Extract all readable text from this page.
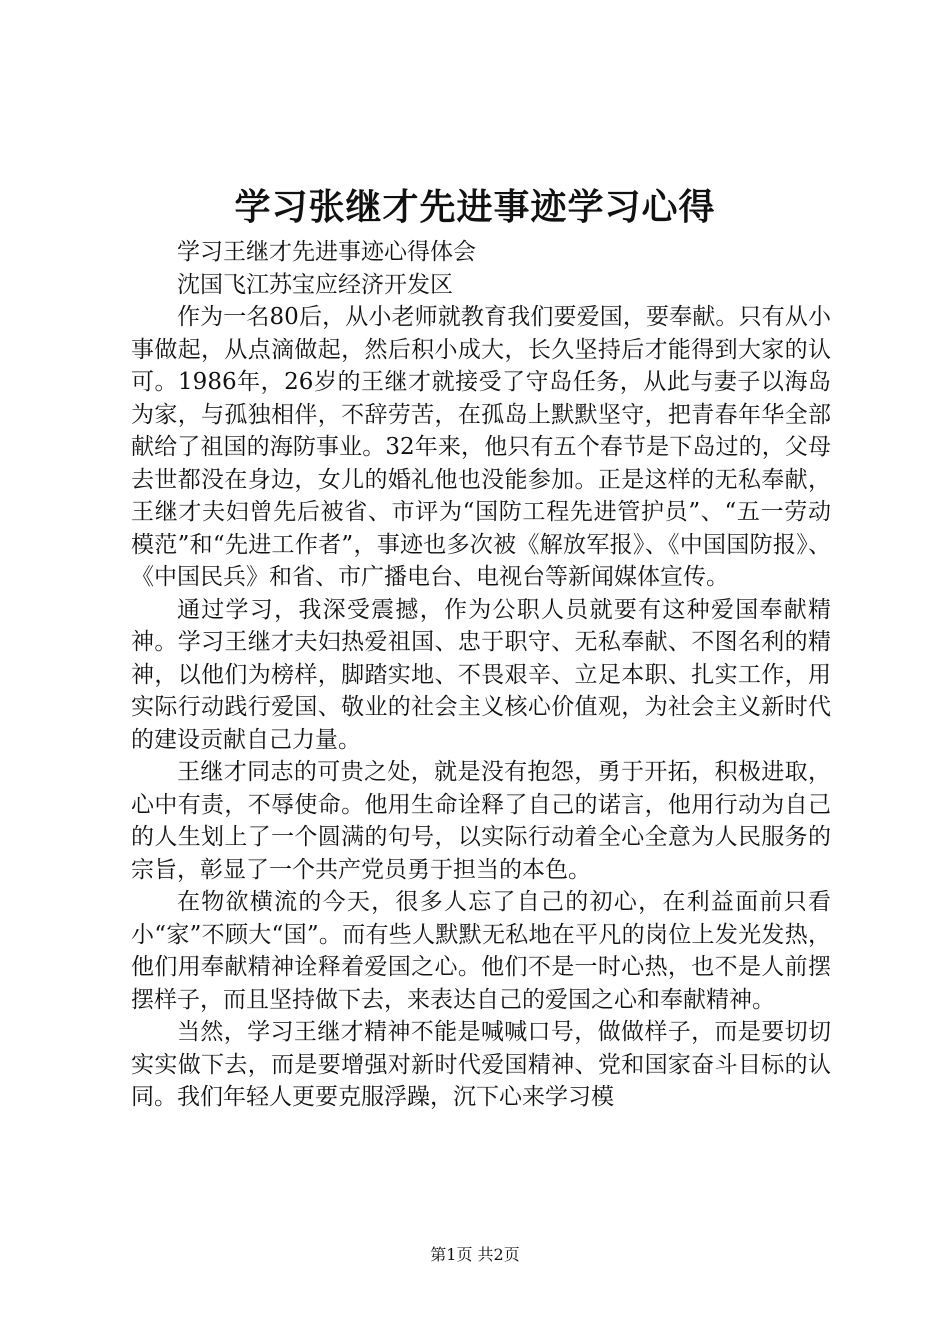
学习张继才先进事迹学习心得

学习王继才先进事迹心得体会

沈国飞江苏宝应经济开发区

作为一名80后，从小老师就教育我们要爱国，要奉献。只有从小事做起，从点滴做起，然后积小成大，长久坚持后才能得到大家的认可。1986年，26岁的王继才就接受了守岛任务，从此与妻子以海岛为家，与孤独相伴，不辞劳苦，在孤岛上默默坚守，把青春年华全部献给了祖国的海防事业。32年来，他只有五个春节是下岛过的，父母去世都没在身边，女儿的婚礼他也没能参加。正是这样的无私奉献，王继才夫妇曾先后被省、市评为“国防工程先进管护员”、“五一劳动模范”和“先进工作者”，事迹也多次被《解放军报》、《中国国防报》、《中国民兵》和省、市广播电台、电视台等新闻媒体宣传。

通过学习，我深受震撼，作为公职人员就要有这种爱国奉献精神。学习王继才夫妇热爱祖国、忠于职守、无私奉献、不图名利的精神，以他们为榜样，脚踏实地、不畏艰辛、立足本职、扎实工作，用实际行动践行爱国、敬业的社会主义核心价值观，为社会主义新时代的建设贡献自己力量。

王继才同志的可贵之处，就是没有抱怨，勇于开拓，积极进取，心中有责，不辱使命。他用生命诠释了自己的诺言，他用行动为自己的人生划上了一个圆满的句号，以实际行动着全心全意为人民服务的宗旨，彰显了一个共产党员勇于担当的本色。

在物欲横流的今天，很多人忘了自己的初心，在利益面前只看小“家”不顾大“国”。而有些人默默无私地在平凡的岗位上发光发热，他们用奉献精神诠释着爱国之心。他们不是一时心热，也不是人前摆摆样子，而且坚持做下去，来表达自己的爱国之心和奉献精神。

当然，学习王继才精神不能是喊喊口号，做做样子，而是要切切实实做下去，而是要增强对新时代爱国精神、党和国家奋斗目标的认同。我们年轻人更要克服浮躁，沉下心来学习模

第1页 共2页
